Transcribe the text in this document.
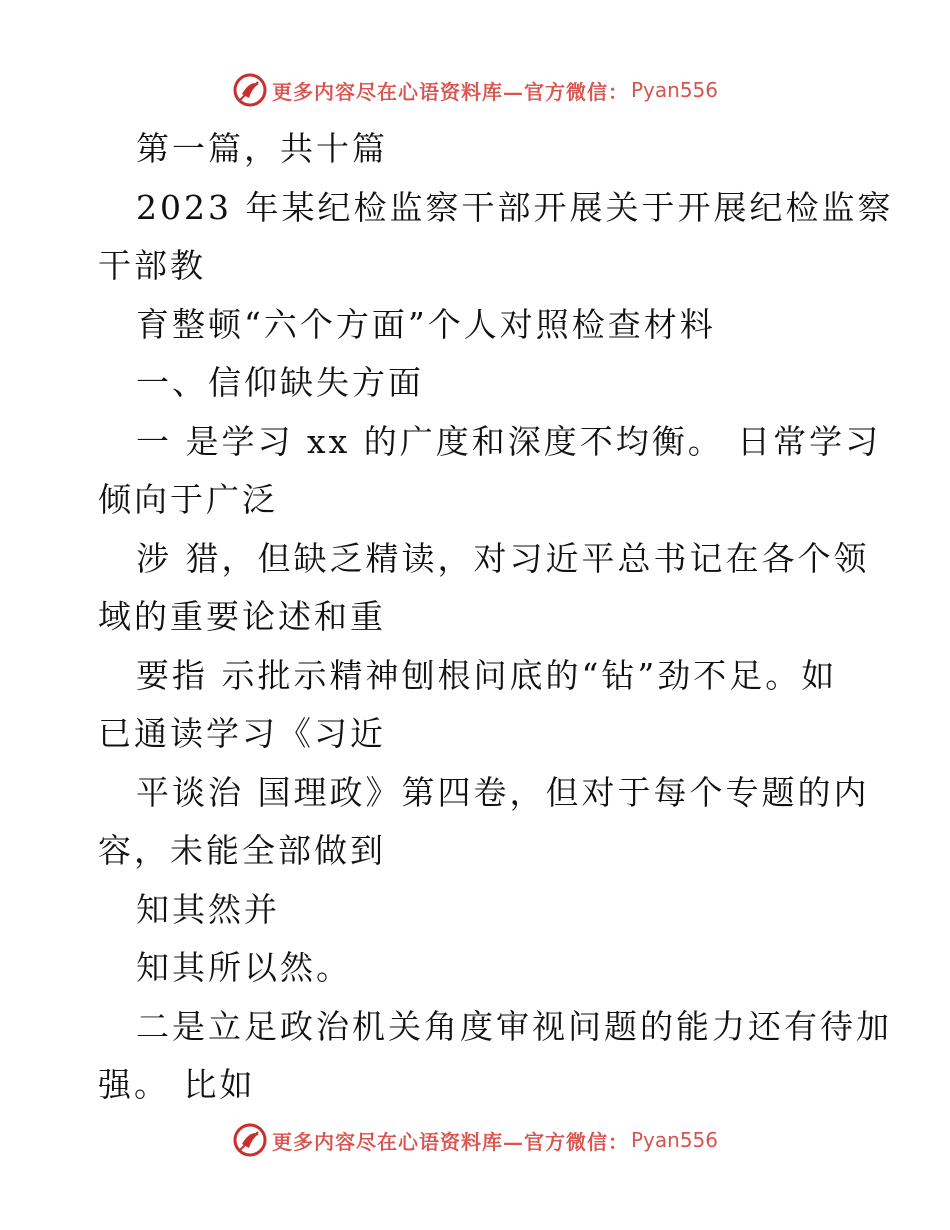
更多内容尽在心语资料库—官方微信： Pyan556
第一篇，共十篇
2023 年某纪检监察干部开展关于开展纪检监察
干部教
育整顿“六个方面”个人对照检查材料
一、信仰缺失方面
一 是学习 xx 的广度和深度不均衡。 日常学习
倾向于广泛
涉 猎，但缺乏精读，对习近平总书记在各个领
域的重要论述和重
要指 示批示精神刨根问底的“钻”劲不足。如
已通读学习《习近
平谈治 国理政》第四卷，但对于每个专题的内
容，未能全部做到
知其然并
知其所以然。
二是立足政治机关角度审视问题的能力还有待加
强。 比如
更多内容尽在心语资料库—官方微信： Pyan556
